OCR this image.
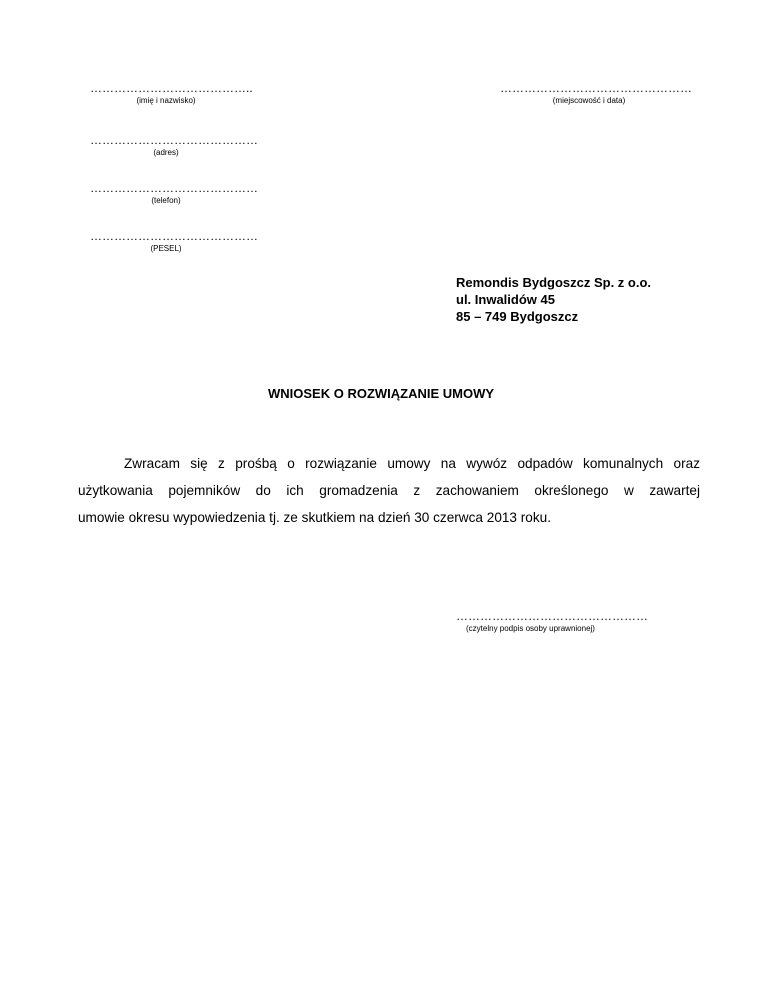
…………………………………..
(imię i nazwisko)
…………………………………………
(miejscowość i data)
……………………………………
(adres)
……………………………………
(telefon)
……………………………………
(PESEL)
Remondis Bydgoszcz Sp. z o.o.
ul. Inwalidów 45
85 – 749 Bydgoszcz
WNIOSEK O ROZWIĄZANIE UMOWY
Zwracam się z prośbą o rozwiązanie umowy na wywóz odpadów komunalnych oraz
użytkowania pojemników do ich gromadzenia z zachowaniem określonego w zawartej
umowie okresu wypowiedzenia tj. ze skutkiem na dzień 30 czerwca 2013 roku.
…………………………………………
(czytelny podpis osoby uprawnionej)
